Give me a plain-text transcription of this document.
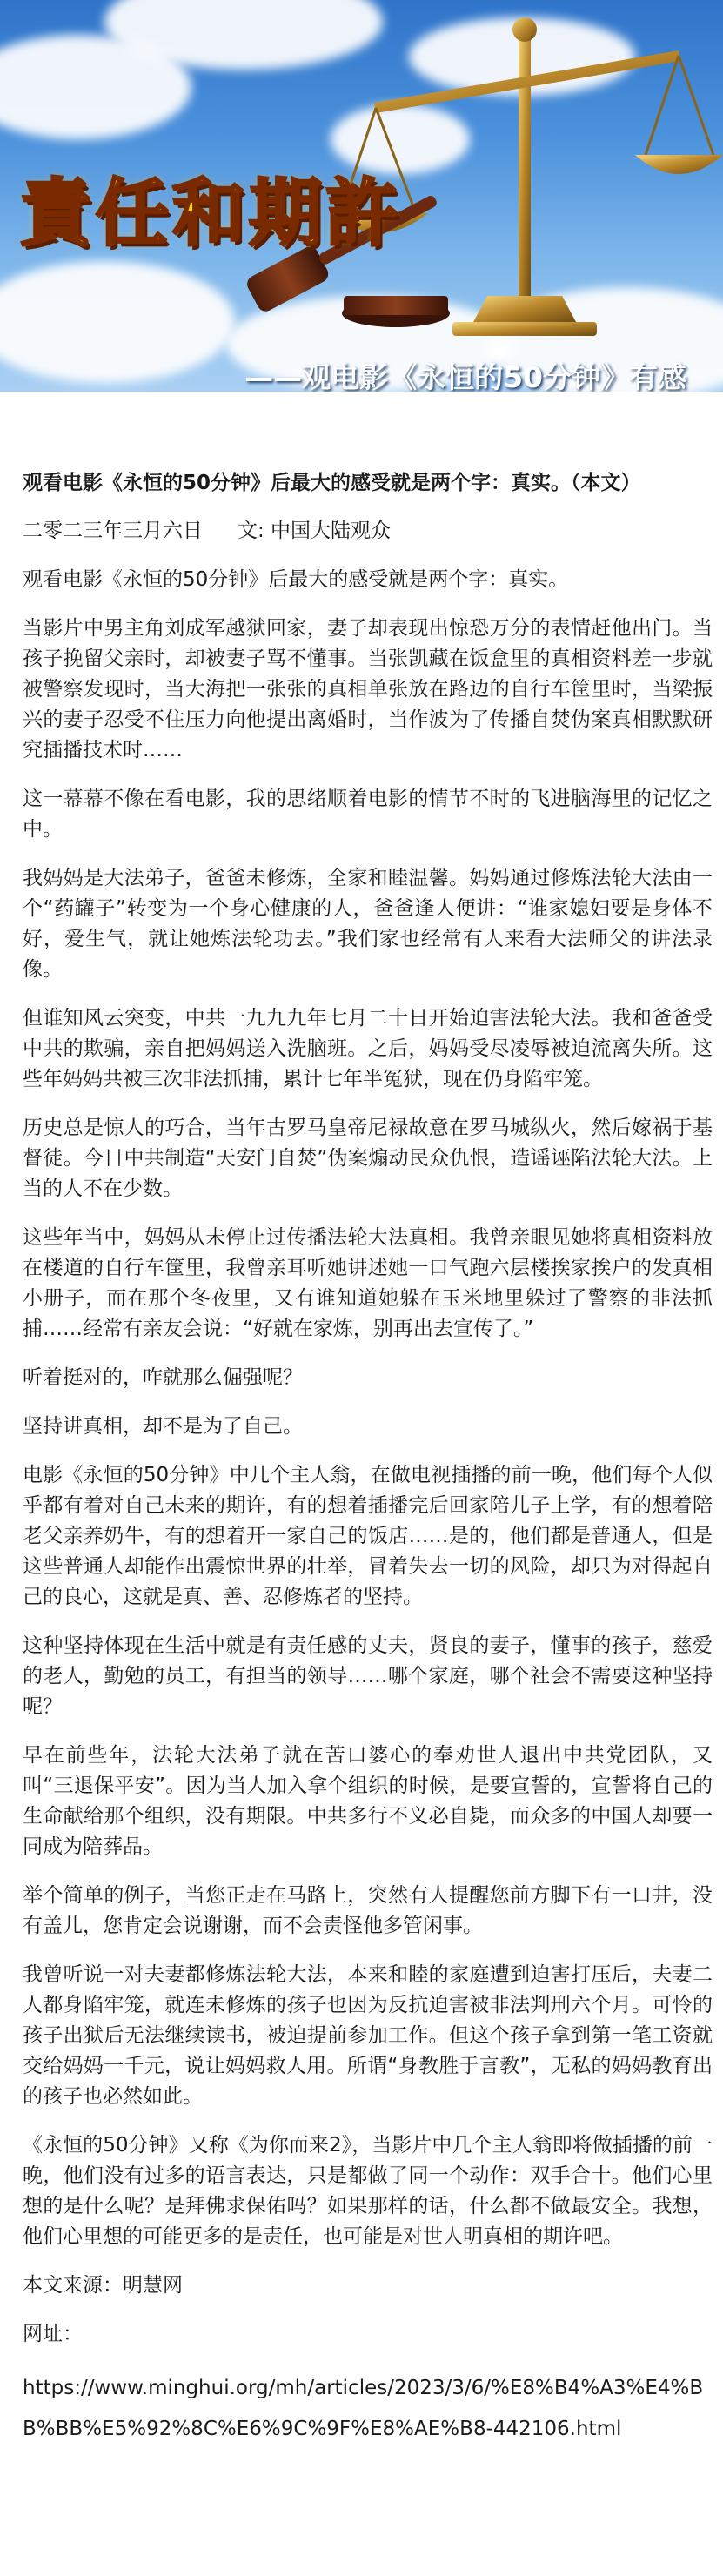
責任和期許
——观电影《永恒的50分钟》有感

观看电影《永恒的50分钟》后最大的感受就是两个字：真实。（本文）

二零二三年三月六日 文: 中国大陆观众

观看电影《永恒的50分钟》后最大的感受就是两个字：真实。

当影片中男主角刘成军越狱回家，妻子却表现出惊恐万分的表情赶他出门。当孩子挽留父亲时，却被妻子骂不懂事。当张凯藏在饭盒里的真相资料差一步就被警察发现时，当大海把一张张的真相单张放在路边的自行车筐里时，当梁振兴的妻子忍受不住压力向他提出离婚时，当作波为了传播自焚伪案真相默默研究插播技术时……

这一幕幕不像在看电影，我的思绪顺着电影的情节不时的飞进脑海里的记忆之中。

我妈妈是大法弟子，爸爸未修炼，全家和睦温馨。妈妈通过修炼法轮大法由一个“药罐子”转变为一个身心健康的人，爸爸逢人便讲：“谁家媳妇要是身体不好，爱生气，就让她炼法轮功去。”我们家也经常有人来看大法师父的讲法录像。

但谁知风云突变，中共一九九九年七月二十日开始迫害法轮大法。我和爸爸受中共的欺骗，亲自把妈妈送入洗脑班。之后，妈妈受尽凌辱被迫流离失所。这些年妈妈共被三次非法抓捕，累计七年半冤狱，现在仍身陷牢笼。

历史总是惊人的巧合，当年古罗马皇帝尼禄故意在罗马城纵火，然后嫁祸于基督徒。今日中共制造“天安门自焚”伪案煽动民众仇恨，造谣诬陷法轮大法。上当的人不在少数。

这些年当中，妈妈从未停止过传播法轮大法真相。我曾亲眼见她将真相资料放在楼道的自行车筐里，我曾亲耳听她讲述她一口气跑六层楼挨家挨户的发真相小册子，而在那个冬夜里，又有谁知道她躲在玉米地里躲过了警察的非法抓捕……经常有亲友会说：“好就在家炼，别再出去宣传了。”

听着挺对的，咋就那么倔强呢？

坚持讲真相，却不是为了自己。

电影《永恒的50分钟》中几个主人翁，在做电视插播的前一晚，他们每个人似乎都有着对自己未来的期许，有的想着插播完后回家陪儿子上学，有的想着陪老父亲养奶牛，有的想着开一家自己的饭店……是的，他们都是普通人，但是这些普通人却能作出震惊世界的壮举，冒着失去一切的风险，却只为对得起自己的良心，这就是真、善、忍修炼者的坚持。

这种坚持体现在生活中就是有责任感的丈夫，贤良的妻子，懂事的孩子，慈爱的老人，勤勉的员工，有担当的领导……哪个家庭，哪个社会不需要这种坚持呢？

早在前些年，法轮大法弟子就在苦口婆心的奉劝世人退出中共党团队，又叫“三退保平安”。因为当人加入拿个组织的时候，是要宣誓的，宣誓将自己的生命献给那个组织，没有期限。中共多行不义必自毙，而众多的中国人却要一同成为陪葬品。

举个简单的例子，当您正走在马路上，突然有人提醒您前方脚下有一口井，没有盖儿，您肯定会说谢谢，而不会责怪他多管闲事。

我曾听说一对夫妻都修炼法轮大法，本来和睦的家庭遭到迫害打压后，夫妻二人都身陷牢笼，就连未修炼的孩子也因为反抗迫害被非法判刑六个月。可怜的孩子出狱后无法继续读书，被迫提前参加工作。但这个孩子拿到第一笔工资就交给妈妈一千元，说让妈妈救人用。所谓“身教胜于言教”，无私的妈妈教育出的孩子也必然如此。

《永恒的50分钟》又称《为你而来2》，当影片中几个主人翁即将做插播的前一晚，他们没有过多的语言表达，只是都做了同一个动作：双手合十。他们心里想的是什么呢？是拜佛求保佑吗？如果那样的话，什么都不做最安全。我想，他们心里想的可能更多的是责任，也可能是对世人明真相的期许吧。

本文来源：明慧网

网址：

https://www.minghui.org/mh/articles/2023/3/6/%E8%B4%A3%E4%BB%BB%E5%92%8C%E6%9C%9F%E8%AE%B8-442106.html
